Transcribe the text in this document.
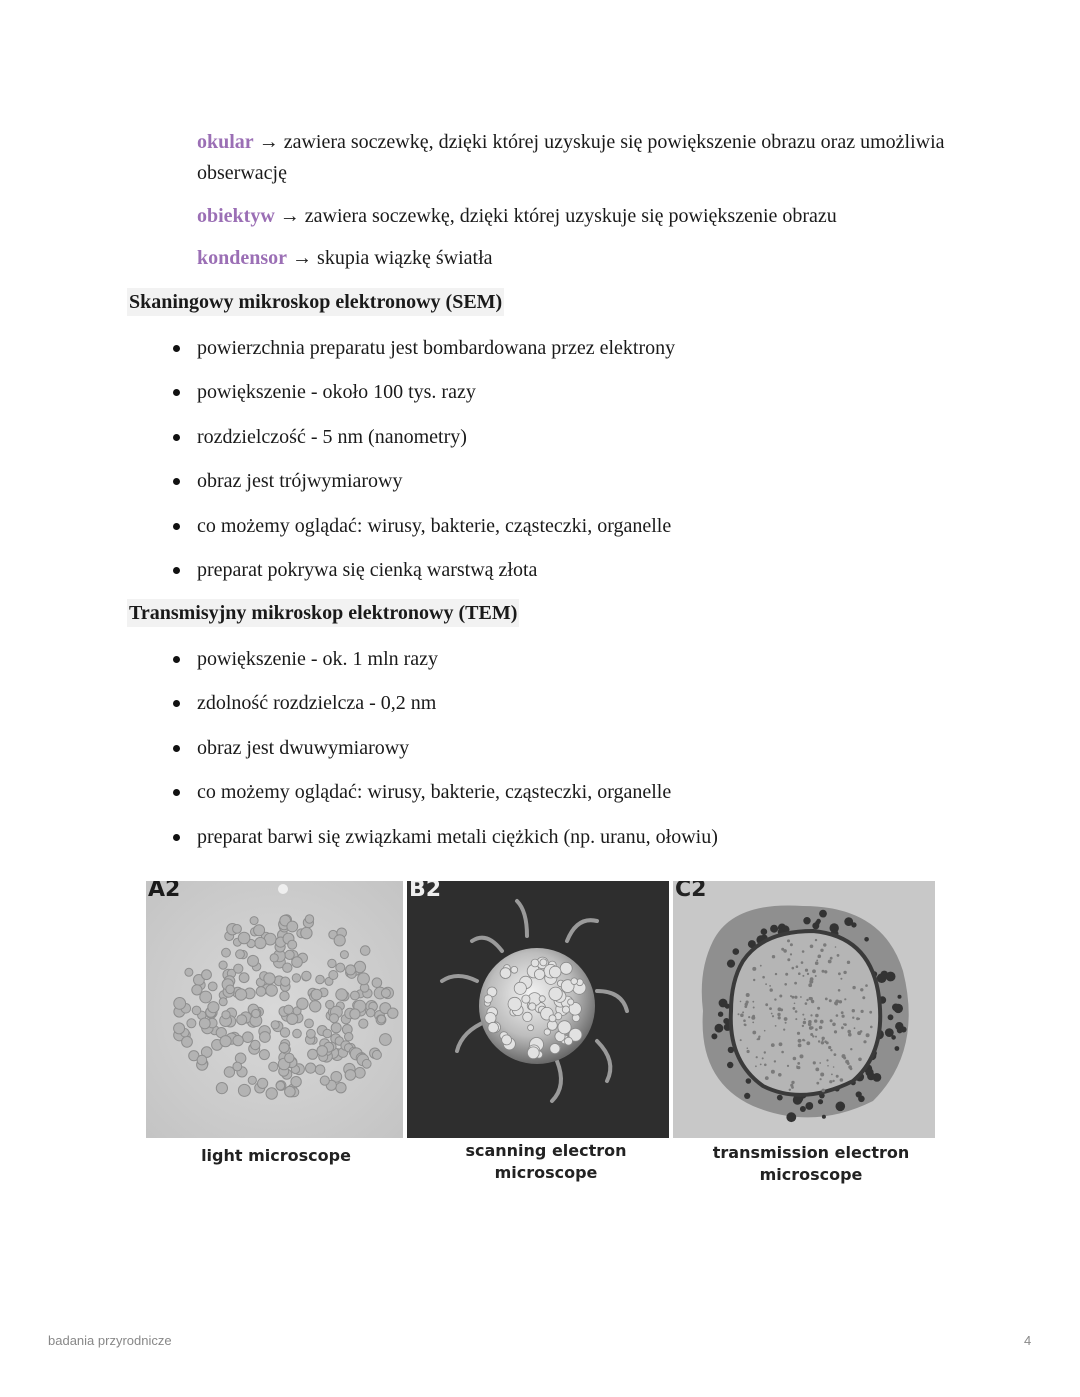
okular → zawiera soczewkę, dzięki której uzyskuje się powiększenie obrazu oraz umożliwia obserwację
obiektyw → zawiera soczewkę, dzięki której uzyskuje się powiększenie obrazu
kondensor → skupia wiązkę światła
Skaningowy mikroskop elektronowy (SEM)
powierzchnia preparatu jest bombardowana przez elektrony
powiększenie - około 100 tys. razy
rozdzielczość - 5 nm (nanometry)
obraz jest trójwymiarowy
co możemy oglądać: wirusy, bakterie, cząsteczki, organelle
preparat pokrywa się cienką warstwą złota
Transmisyjny mikroskop elektronowy (TEM)
powiększenie - ok. 1 mln razy
zdolność rozdzielcza - 0,2 nm
obraz jest dwuwymiarowy
co możemy oglądać: wirusy, bakterie, cząsteczki, organelle
preparat barwi się związkami metali ciężkich (np. uranu, ołowiu)
A2	B2	C2
light microscope	scanning electron
microscope
transmission electron
microscope
badania przyrodnicze	4
